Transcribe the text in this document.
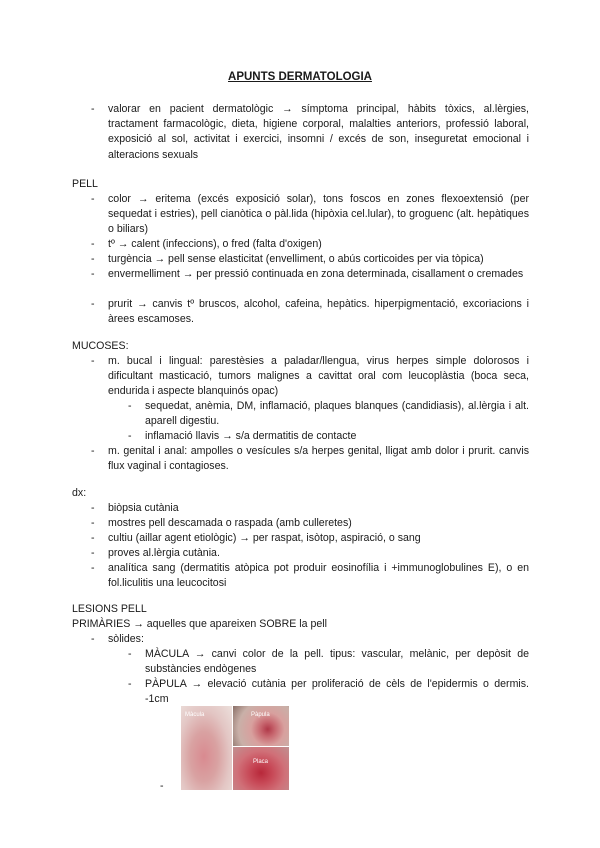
APUNTS DERMATOLOGIA
- valorar en pacient dermatològic → símptoma principal, hàbits tòxics, al.lèrgies, tractament farmacològic, dieta, higiene corporal, malalties anteriors, professió laboral, exposició al sol, activitat i exercici, insomni / excés de son, inseguretat emocional i alteracions sexuals
PELL
- color → eritema (excés exposició solar), tons foscos en zones flexoextensió (per sequedat i estries), pell cianòtica o pàl.lida (hipòxia cel.lular), to groguenc (alt. hepàtiques o biliars)
- tº → calent (infeccions), o fred (falta d'oxigen)
- turgència → pell sense elasticitat (envelliment, o abús corticoides per via tòpica)
- envermelliment → per pressió continuada en zona determinada, cisallament o cremades
- prurit → canvis tº bruscos, alcohol, cafeina, hepàtics. hiperpigmentació, excoriacions i àrees escamoses.
MUCOSES:
- m. bucal i lingual: parestèsies a paladar/llengua, virus herpes simple dolorosos i dificultant masticació, tumors malignes a cavittat oral com leucoplàstia (boca seca, endurida i aspecte blanquinós opac)
- sequedat, anèmia, DM, inflamació, plaques blanques (candidiasis), al.lèrgia i alt. aparell digestiu.
- inflamació llavis → s/a dermatitis de contacte
- m. genital i anal: ampolles o vesícules s/a herpes genital, lligat amb dolor i prurit. canvis flux vaginal i contagioses.
dx:
- biòpsia cutània
- mostres pell descamada o raspada (amb culleretes)
- cultiu (aillar agent etiològic) → per raspat, isòtop, aspiració, o sang
- proves al.lèrgia cutània.
- analítica sang (dermatitis atòpica pot produir eosinofília i +immunoglobulines E), o en fol.liculitis una leucocitosi
LESIONS PELL
PRIMÀRIES → aquelles que apareixen SOBRE la pell
- sòlides:
- MÀCULA → canvi color de la pell. tipus: vascular, melànic, per depòsit de substàncies endògenes
- PÀPULA → elevació cutània per proliferació de cèls de l'epidermis o dermis. -1cm
Màcula	Pàpula
Placa
-
